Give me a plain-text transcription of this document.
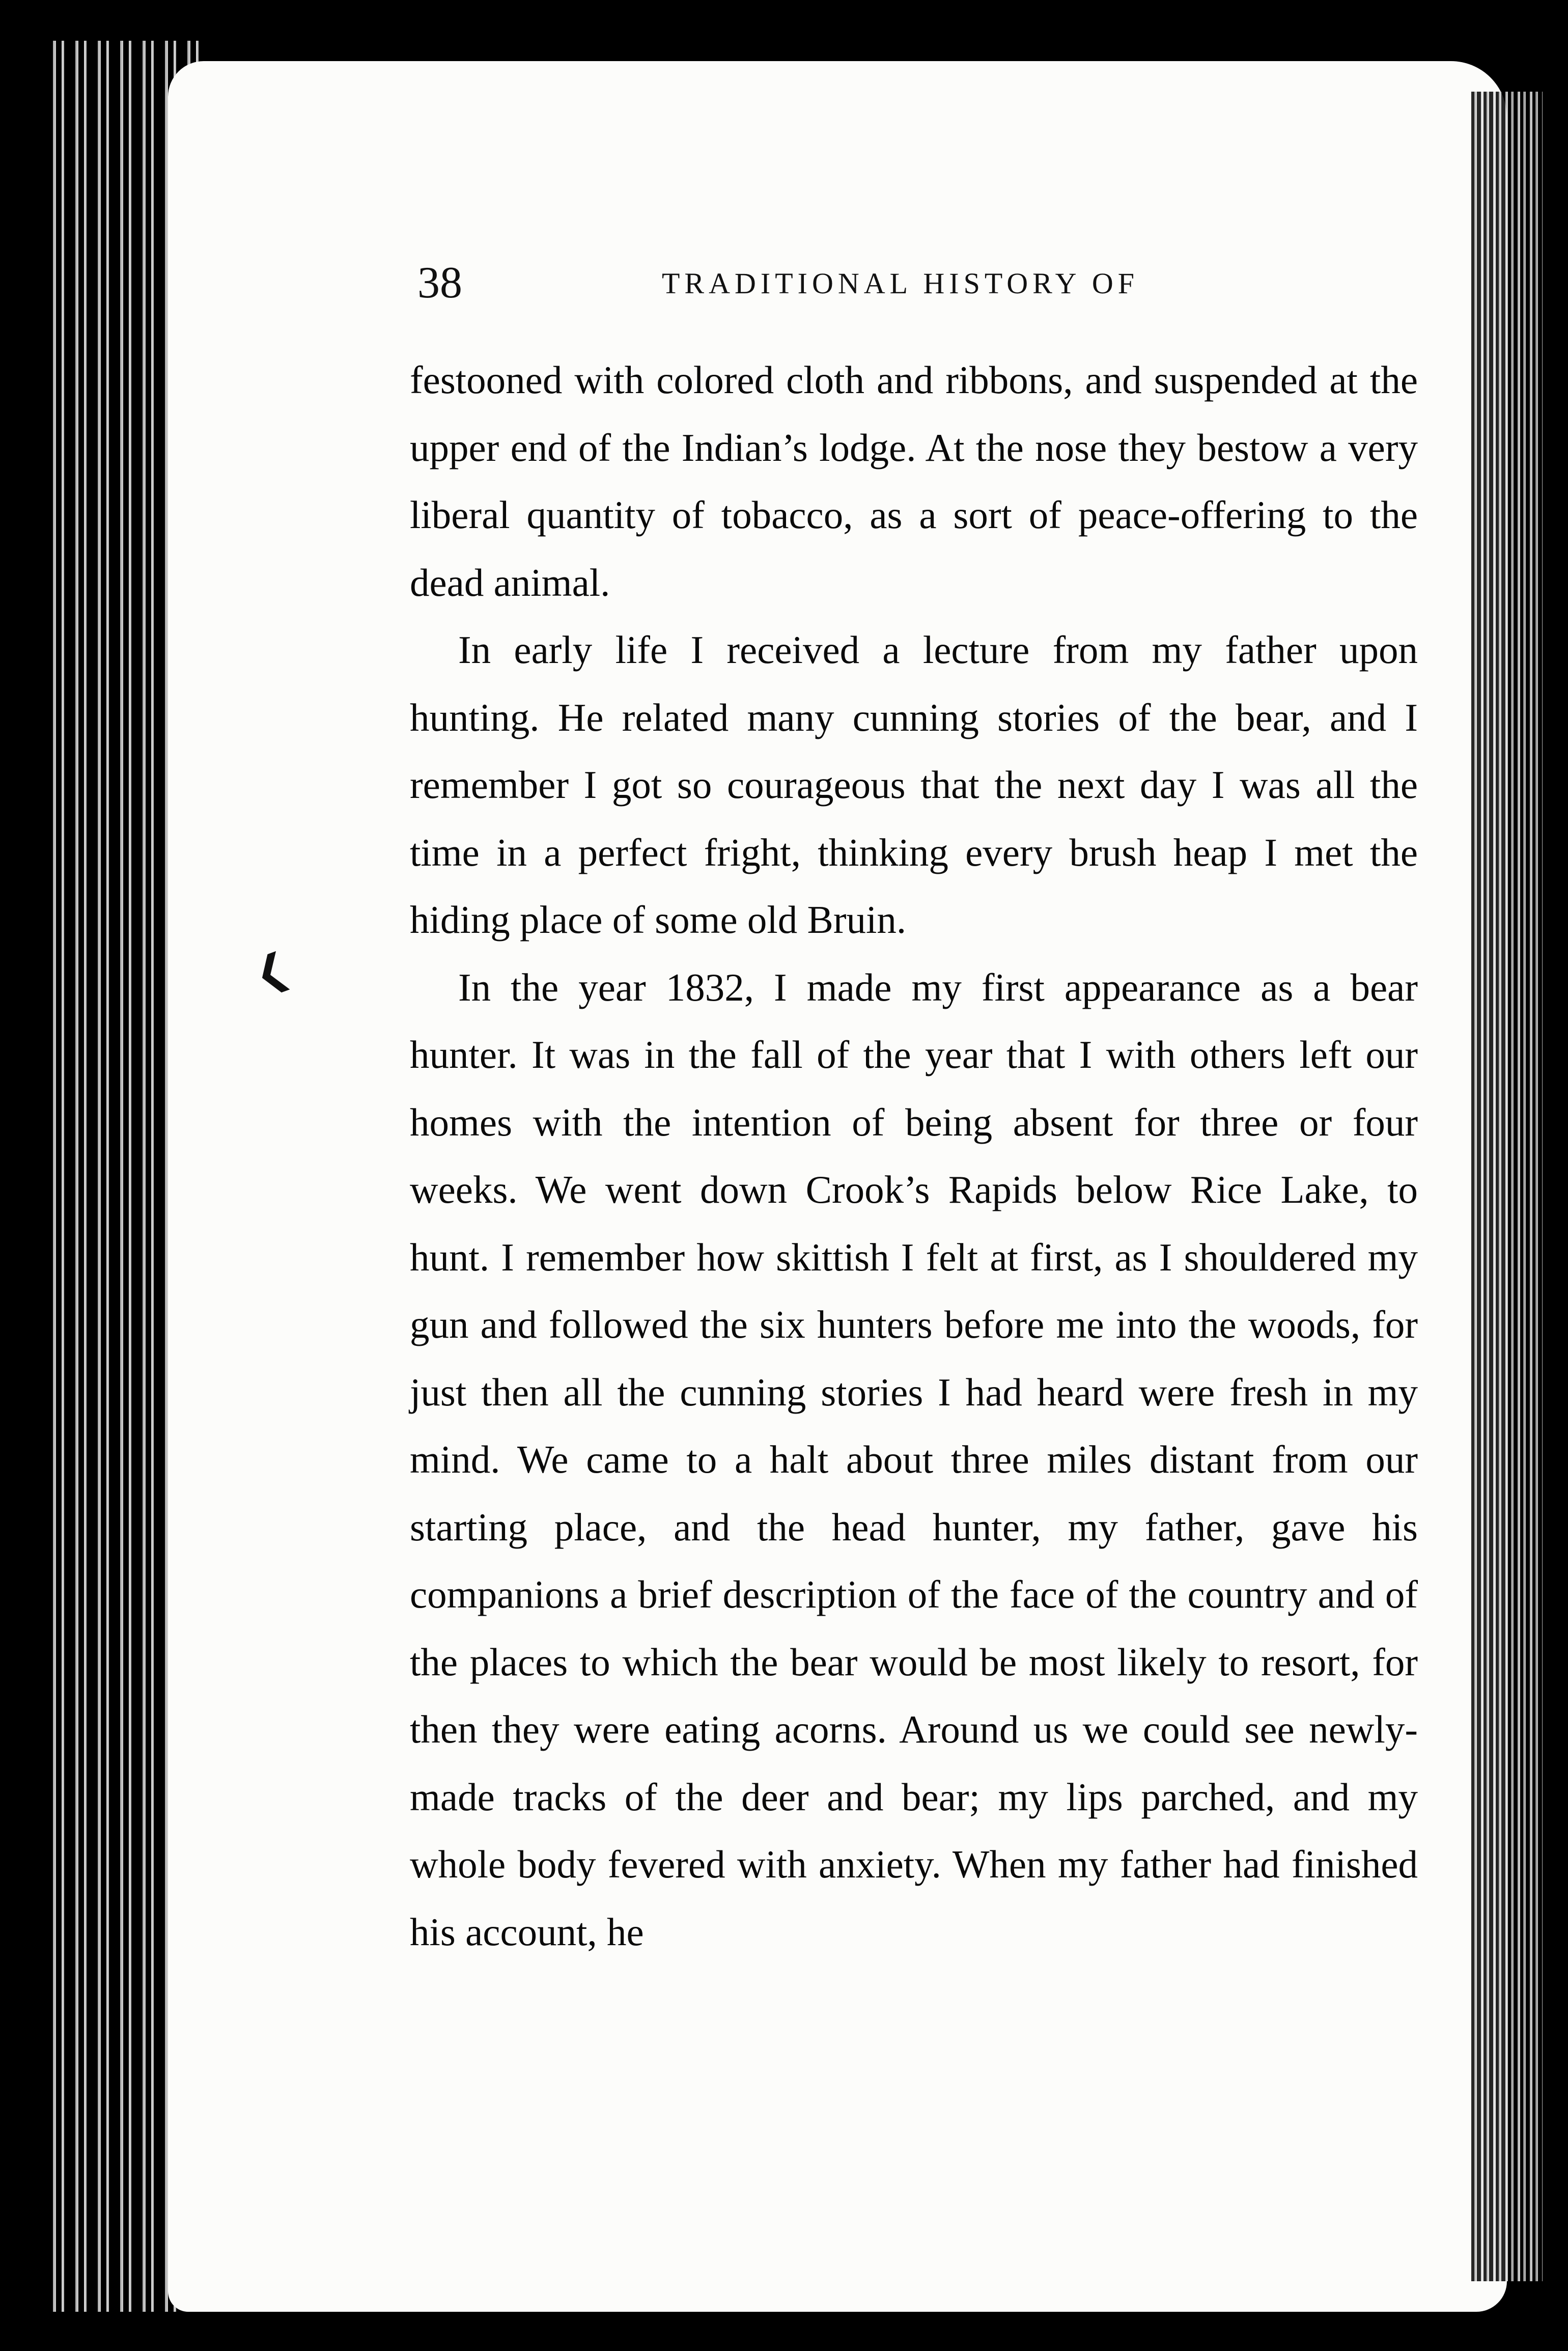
❮
38	TRADITIONAL HISTORY OF

festooned with colored cloth and ribbons, and suspended at the upper end of the Indian’s lodge. At the nose they bestow a very liberal quantity of tobacco, as a sort of peace-offering to the dead animal.

In early life I received a lecture from my father upon hunting. He related many cunning stories of the bear, and I remember I got so courageous that the next day I was all the time in a perfect fright, thinking every brush heap I met the hiding place of some old Bruin.

In the year 1832, I made my first appearance as a bear hunter. It was in the fall of the year that I with others left our homes with the intention of being absent for three or four weeks. We went down Crook’s Rapids below Rice Lake, to hunt. I remember how skittish I felt at first, as I shouldered my gun and followed the six hunters before me into the woods, for just then all the cunning stories I had heard were fresh in my mind. We came to a halt about three miles distant from our starting place, and the head hunter, my father, gave his companions a brief description of the face of the country and of the places to which the bear would be most likely to resort, for then they were eating acorns. Around us we could see newly-made tracks of the deer and bear; my lips parched, and my whole body fevered with anxiety. When my father had finished his account, he
